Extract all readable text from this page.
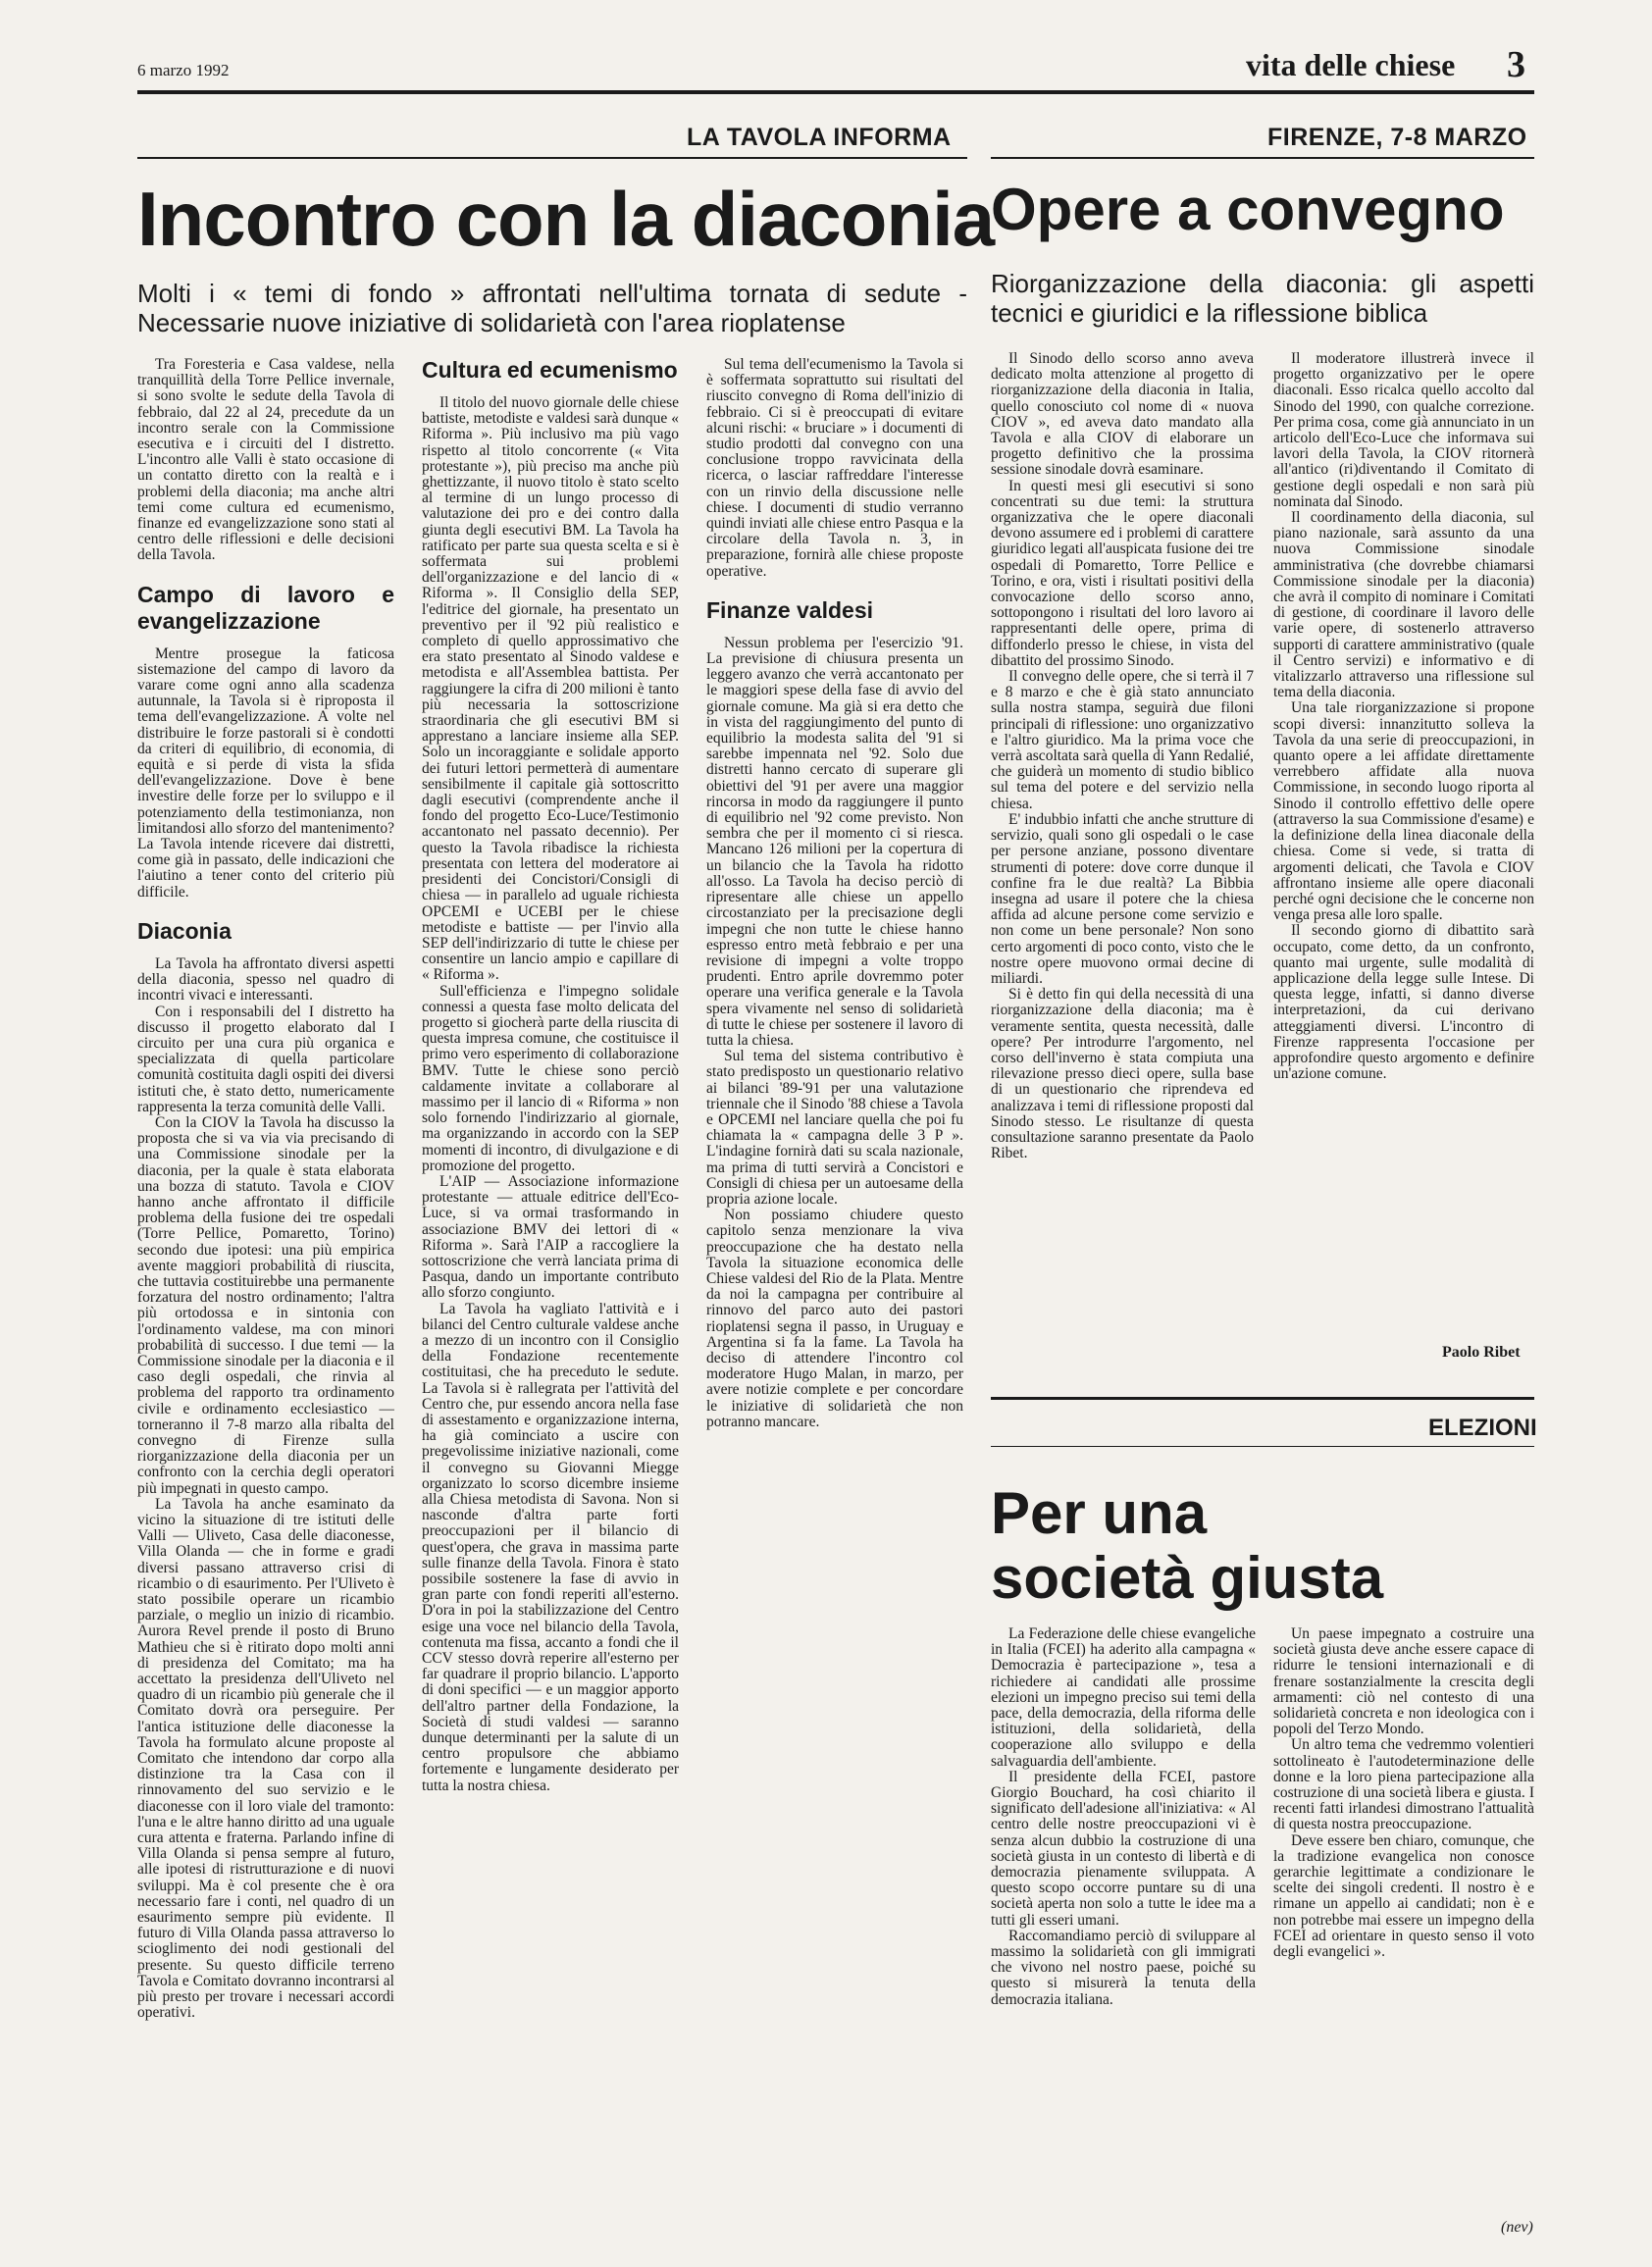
6 marzo 1992	vita delle chiese 3
LA TAVOLA INFORMA	FIRENZE, 7-8 MARZO
Incontro con la diaconia
Opere a convegno
Molti i « temi di fondo » affrontati nell'ultima tornata di sedute - Necessarie nuove iniziative di solidarietà con l'area rioplatense
Riorganizzazione della diaconia: gli aspetti tecnici e giuridici e la riflessione biblica

Tra Foresteria e Casa valdese, nella tranquillità della Torre Pellice invernale, si sono svolte le sedute della Tavola di febbraio, dal 22 al 24, precedute da un incontro serale con la Commissione esecutiva e i circuiti del I distretto. L'incontro alle Valli è stato occasione di un contatto diretto con la realtà e i problemi della diaconia; ma anche altri temi come cultura ed ecumenismo, finanze ed evangelizzazione sono stati al centro delle riflessioni e delle decisioni della Tavola.

Campo di lavoro e evangelizzazione

Mentre prosegue la faticosa sistemazione del campo di lavoro da varare come ogni anno alla scadenza autunnale, la Tavola si è riproposta il tema dell'evangelizzazione. A volte nel distribuire le forze pastorali si è condotti da criteri di equilibrio, di economia, di equità e si perde di vista la sfida dell'evangelizzazione. Dove è bene investire delle forze per lo sviluppo e il potenziamento della testimonianza, non limitandosi allo sforzo del mantenimento? La Tavola intende ricevere dai distretti, come già in passato, delle indicazioni che l'aiutino a tener conto del criterio più difficile.

Diaconia

La Tavola ha affrontato diversi aspetti della diaconia, spesso nel quadro di incontri vivaci e interessanti.

Con i responsabili del I distretto ha discusso il progetto elaborato dal I circuito per una cura più organica e specializzata di quella particolare comunità costituita dagli ospiti dei diversi istituti che, è stato detto, numericamente rappresenta la terza comunità delle Valli.

Con la CIOV la Tavola ha discusso la proposta che si va via via precisando di una Commissione sinodale per la diaconia, per la quale è stata elaborata una bozza di statuto. Tavola e CIOV hanno anche affrontato il difficile problema della fusione dei tre ospedali (Torre Pellice, Pomaretto, Torino) secondo due ipotesi: una più empirica avente maggiori probabilità di riuscita, che tuttavia costituirebbe una permanente forzatura del nostro ordinamento; l'altra più ortodossa e in sintonia con l'ordinamento valdese, ma con minori probabilità di successo. I due temi — la Commissione sinodale per la diaconia e il caso degli ospedali, che rinvia al problema del rapporto tra ordinamento civile e ordinamento ecclesiastico — torneranno il 7-8 marzo alla ribalta del convegno di Firenze sulla riorganizzazione della diaconia per un confronto con la cerchia degli operatori più impegnati in questo campo.

La Tavola ha anche esaminato da vicino la situazione di tre istituti delle Valli — Uliveto, Casa delle diaconesse, Villa Olanda — che in forme e gradi diversi passano attraverso crisi di ricambio o di esaurimento. Per l'Uliveto è stato possibile operare un ricambio parziale, o meglio un inizio di ricambio. Aurora Revel prende il posto di Bruno Mathieu che si è ritirato dopo molti anni di presidenza del Comitato; ma ha accettato la presidenza dell'Uliveto nel quadro di un ricambio più generale che il Comitato dovrà ora perseguire. Per l'antica istituzione delle diaconesse la Tavola ha formulato alcune proposte al Comitato che intendono dar corpo alla distinzione tra la Casa con il rinnovamento del suo servizio e le diaconesse con il loro viale del tramonto: l'una e le altre hanno diritto ad una uguale cura attenta e fraterna. Parlando infine di Villa Olanda si pensa sempre al futuro, alle ipotesi di ristrutturazione e di nuovi sviluppi. Ma è col presente che è ora necessario fare i conti, nel quadro di un esaurimento sempre più evidente. Il futuro di Villa Olanda passa attraverso lo scioglimento dei nodi gestionali del presente. Su questo difficile terreno Tavola e Comitato dovranno incontrarsi al più presto per trovare i necessari accordi operativi.

Cultura ed ecumenismo

Il titolo del nuovo giornale delle chiese battiste, metodiste e valdesi sarà dunque « Riforma ». Più inclusivo ma più vago rispetto al titolo concorrente (« Vita protestante »), più preciso ma anche più ghettizzante, il nuovo titolo è stato scelto al termine di un lungo processo di valutazione dei pro e dei contro dalla giunta degli esecutivi BM. La Tavola ha ratificato per parte sua questa scelta e si è soffermata sui problemi dell'organizzazione e del lancio di « Riforma ». Il Consiglio della SEP, l'editrice del giornale, ha presentato un preventivo per il '92 più realistico e completo di quello approssimativo che era stato presentato al Sinodo valdese e metodista e all'Assemblea battista. Per raggiungere la cifra di 200 milioni è tanto più necessaria la sottoscrizione straordinaria che gli esecutivi BM si apprestano a lanciare insieme alla SEP. Solo un incoraggiante e solidale apporto dei futuri lettori permetterà di aumentare sensibilmente il capitale già sottoscritto dagli esecutivi (comprendente anche il fondo del progetto Eco-Luce/Testimonio accantonato nel passato decennio). Per questo la Tavola ribadisce la richiesta presentata con lettera del moderatore ai presidenti dei Concistori/Consigli di chiesa — in parallelo ad uguale richiesta OPCEMI e UCEBI per le chiese metodiste e battiste — per l'invio alla SEP dell'indirizzario di tutte le chiese per consentire un lancio ampio e capillare di « Riforma ».

Sull'efficienza e l'impegno solidale connessi a questa fase molto delicata del progetto si giocherà parte della riuscita di questa impresa comune, che costituisce il primo vero esperimento di collaborazione BMV. Tutte le chiese sono perciò caldamente invitate a collaborare al massimo per il lancio di « Riforma » non solo fornendo l'indirizzario al giornale, ma organizzando in accordo con la SEP momenti di incontro, di divulgazione e di promozione del progetto.

L'AIP — Associazione informazione protestante — attuale editrice dell'Eco-Luce, si va ormai trasformando in associazione BMV dei lettori di « Riforma ». Sarà l'AIP a raccogliere la sottoscrizione che verrà lanciata prima di Pasqua, dando un importante contributo allo sforzo congiunto.

La Tavola ha vagliato l'attività e i bilanci del Centro culturale valdese anche a mezzo di un incontro con il Consiglio della Fondazione recentemente costituitasi, che ha preceduto le sedute. La Tavola si è rallegrata per l'attività del Centro che, pur essendo ancora nella fase di assestamento e organizzazione interna, ha già cominciato a uscire con pregevolissime iniziative nazionali, come il convegno su Giovanni Miegge organizzato lo scorso dicembre insieme alla Chiesa metodista di Savona. Non si nasconde d'altra parte forti preoccupazioni per il bilancio di quest'opera, che grava in massima parte sulle finanze della Tavola. Finora è stato possibile sostenere la fase di avvio in gran parte con fondi reperiti all'esterno. D'ora in poi la stabilizzazione del Centro esige una voce nel bilancio della Tavola, contenuta ma fissa, accanto a fondi che il CCV stesso dovrà reperire all'esterno per far quadrare il proprio bilancio. L'apporto di doni specifici — e un maggior apporto dell'altro partner della Fondazione, la Società di studi valdesi — saranno dunque determinanti per la salute di un centro propulsore che abbiamo fortemente e lungamente desiderato per tutta la nostra chiesa.

Sul tema dell'ecumenismo la Tavola si è soffermata soprattutto sui risultati del riuscito convegno di Roma dell'inizio di febbraio. Ci si è preoccupati di evitare alcuni rischi: « bruciare » i documenti di studio prodotti dal convegno con una conclusione troppo ravvicinata della ricerca, o lasciar raffreddare l'interesse con un rinvio della discussione nelle chiese. I documenti di studio verranno quindi inviati alle chiese entro Pasqua e la circolare della Tavola n. 3, in preparazione, fornirà alle chiese proposte operative.

Finanze valdesi

Nessun problema per l'esercizio '91. La previsione di chiusura presenta un leggero avanzo che verrà accantonato per le maggiori spese della fase di avvio del giornale comune. Ma già si era detto che in vista del raggiungimento del punto di equilibrio la modesta salita del '91 si sarebbe impennata nel '92. Solo due distretti hanno cercato di superare gli obiettivi del '91 per avere una maggior rincorsa in modo da raggiungere il punto di equilibrio nel '92 come previsto. Non sembra che per il momento ci si riesca. Mancano 126 milioni per la copertura di un bilancio che la Tavola ha ridotto all'osso. La Tavola ha deciso perciò di ripresentare alle chiese un appello circostanziato per la precisazione degli impegni che non tutte le chiese hanno espresso entro metà febbraio e per una revisione di impegni a volte troppo prudenti. Entro aprile dovremmo poter operare una verifica generale e la Tavola spera vivamente nel senso di solidarietà di tutte le chiese per sostenere il lavoro di tutta la chiesa.

Sul tema del sistema contributivo è stato predisposto un questionario relativo ai bilanci '89-'91 per una valutazione triennale che il Sinodo '88 chiese a Tavola e OPCEMI nel lanciare quella che poi fu chiamata la « campagna delle 3 P ». L'indagine fornirà dati su scala nazionale, ma prima di tutti servirà a Concistori e Consigli di chiesa per un autoesame della propria azione locale.

Non possiamo chiudere questo capitolo senza menzionare la viva preoccupazione che ha destato nella Tavola la situazione economica delle Chiese valdesi del Rio de la Plata. Mentre da noi la campagna per contribuire al rinnovo del parco auto dei pastori rioplatensi segna il passo, in Uruguay e Argentina si fa la fame. La Tavola ha deciso di attendere l'incontro col moderatore Hugo Malan, in marzo, per avere notizie complete e per concordare le iniziative di solidarietà che non potranno mancare.

Il Sinodo dello scorso anno aveva dedicato molta attenzione al progetto di riorganizzazione della diaconia in Italia, quello conosciuto col nome di « nuova CIOV », ed aveva dato mandato alla Tavola e alla CIOV di elaborare un progetto definitivo che la prossima sessione sinodale dovrà esaminare.

In questi mesi gli esecutivi si sono concentrati su due temi: la struttura organizzativa che le opere diaconali devono assumere ed i problemi di carattere giuridico legati all'auspicata fusione dei tre ospedali di Pomaretto, Torre Pellice e Torino, e ora, visti i risultati positivi della convocazione dello scorso anno, sottopongono i risultati del loro lavoro ai rappresentanti delle opere, prima di diffonderlo presso le chiese, in vista del dibattito del prossimo Sinodo.

Il convegno delle opere, che si terrà il 7 e 8 marzo e che è già stato annunciato sulla nostra stampa, seguirà due filoni principali di riflessione: uno organizzativo e l'altro giuridico. Ma la prima voce che verrà ascoltata sarà quella di Yann Redalié, che guiderà un momento di studio biblico sul tema del potere e del servizio nella chiesa.

E' indubbio infatti che anche strutture di servizio, quali sono gli ospedali o le case per persone anziane, possono diventare strumenti di potere: dove corre dunque il confine fra le due realtà? La Bibbia insegna ad usare il potere che la chiesa affida ad alcune persone come servizio e non come un bene personale? Non sono certo argomenti di poco conto, visto che le nostre opere muovono ormai decine di miliardi.

Si è detto fin qui della necessità di una riorganizzazione della diaconia; ma è veramente sentita, questa necessità, dalle opere? Per introdurre l'argomento, nel corso dell'inverno è stata compiuta una rilevazione presso dieci opere, sulla base di un questionario che riprendeva ed analizzava i temi di riflessione proposti dal Sinodo stesso. Le risultanze di questa consultazione saranno presentate da Paolo Ribet.

Il moderatore illustrerà invece il progetto organizzativo per le opere diaconali. Esso ricalca quello accolto dal Sinodo del 1990, con qualche correzione. Per prima cosa, come già annunciato in un articolo dell'Eco-Luce che informava sui lavori della Tavola, la CIOV ritornerà all'antico (ri)diventando il Comitato di gestione degli ospedali e non sarà più nominata dal Sinodo.

Il coordinamento della diaconia, sul piano nazionale, sarà assunto da una nuova Commissione sinodale amministrativa (che dovrebbe chiamarsi Commissione sinodale per la diaconia) che avrà il compito di nominare i Comitati di gestione, di coordinare il lavoro delle varie opere, di sostenerlo attraverso supporti di carattere amministrativo (quale il Centro servizi) e informativo e di vitalizzarlo attraverso una riflessione sul tema della diaconia.

Una tale riorganizzazione si propone scopi diversi: innanzitutto solleva la Tavola da una serie di preoccupazioni, in quanto opere a lei affidate direttamente verrebbero affidate alla nuova Commissione, in secondo luogo riporta al Sinodo il controllo effettivo delle opere (attraverso la sua Commissione d'esame) e la definizione della linea diaconale della chiesa. Come si vede, si tratta di argomenti delicati, che Tavola e CIOV affrontano insieme alle opere diaconali perché ogni decisione che le concerne non venga presa alle loro spalle.

Il secondo giorno di dibattito sarà occupato, come detto, da un confronto, quanto mai urgente, sulle modalità di applicazione della legge sulle Intese. Di questa legge, infatti, si danno diverse interpretazioni, da cui derivano atteggiamenti diversi. L'incontro di Firenze rappresenta l'occasione per approfondire questo argomento e definire un'azione comune.

Paolo Ribet
ELEZIONI
Per una
società giusta

La Federazione delle chiese evangeliche in Italia (FCEI) ha aderito alla campagna « Democrazia è partecipazione », tesa a richiedere ai candidati alle prossime elezioni un impegno preciso sui temi della pace, della democrazia, della riforma delle istituzioni, della solidarietà, della cooperazione allo sviluppo e della salvaguardia dell'ambiente.

Il presidente della FCEI, pastore Giorgio Bouchard, ha così chiarito il significato dell'adesione all'iniziativa: « Al centro delle nostre preoccupazioni vi è senza alcun dubbio la costruzione di una società giusta in un contesto di libertà e di democrazia pienamente sviluppata. A questo scopo occorre puntare su di una società aperta non solo a tutte le idee ma a tutti gli esseri umani.

Raccomandiamo perciò di sviluppare al massimo la solidarietà con gli immigrati che vivono nel nostro paese, poiché su questo si misurerà la tenuta della democrazia italiana.

Un paese impegnato a costruire una società giusta deve anche essere capace di ridurre le tensioni internazionali e di frenare sostanzialmente la crescita degli armamenti: ciò nel contesto di una solidarietà concreta e non ideologica con i popoli del Terzo Mondo.

Un altro tema che vedremmo volentieri sottolineato è l'autodeterminazione delle donne e la loro piena partecipazione alla costruzione di una società libera e giusta. I recenti fatti irlandesi dimostrano l'attualità di questa nostra preoccupazione.

Deve essere ben chiaro, comunque, che la tradizione evangelica non conosce gerarchie legittimate a condizionare le scelte dei singoli credenti. Il nostro è e rimane un appello ai candidati; non è e non potrebbe mai essere un impegno della FCEI ad orientare in questo senso il voto degli evangelici ».

(nev)
